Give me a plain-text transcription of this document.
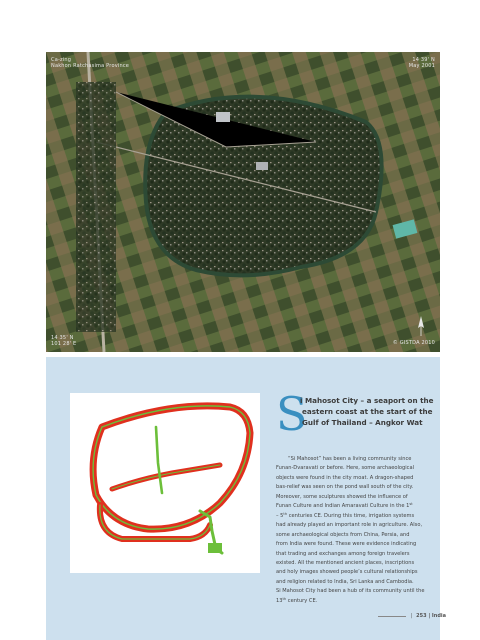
Ca-zing
Nakhon Ratchasima Province
14 39' N
May 2001
14 35' N
101 28' E	© GISTDA 2010
S
i Mahosot City – a seaport on the
eastern coast at the start of the
Gulf of Thailand – Angkor Wat
“Si Mahosot” has been a living community since
Funan-Dvaravati or before. Here, some archaeological
objects were found in the city moat. A dragon-shaped
bas-relief was seen on the pond wall south of the city.
Moreover, some sculptures showed the influence of
Funan Culture and Indian Amaravati Culture in the 1st
– 5th centuries CE. During this time, irrigation systems
had already played an important role in agriculture. Also,
some archaeological objects from China, Persia, and
from India were found. These were evidence indicating
that trading and exchanges among foreign travelers
existed. All the mentioned ancient places, inscriptions
and holy images showed people’s cultural relationships
and religion related to India, Sri Lanka and Cambodia.
Si Mahosot City had been a hub of its community until the
13th century CE.
| 253 | India
